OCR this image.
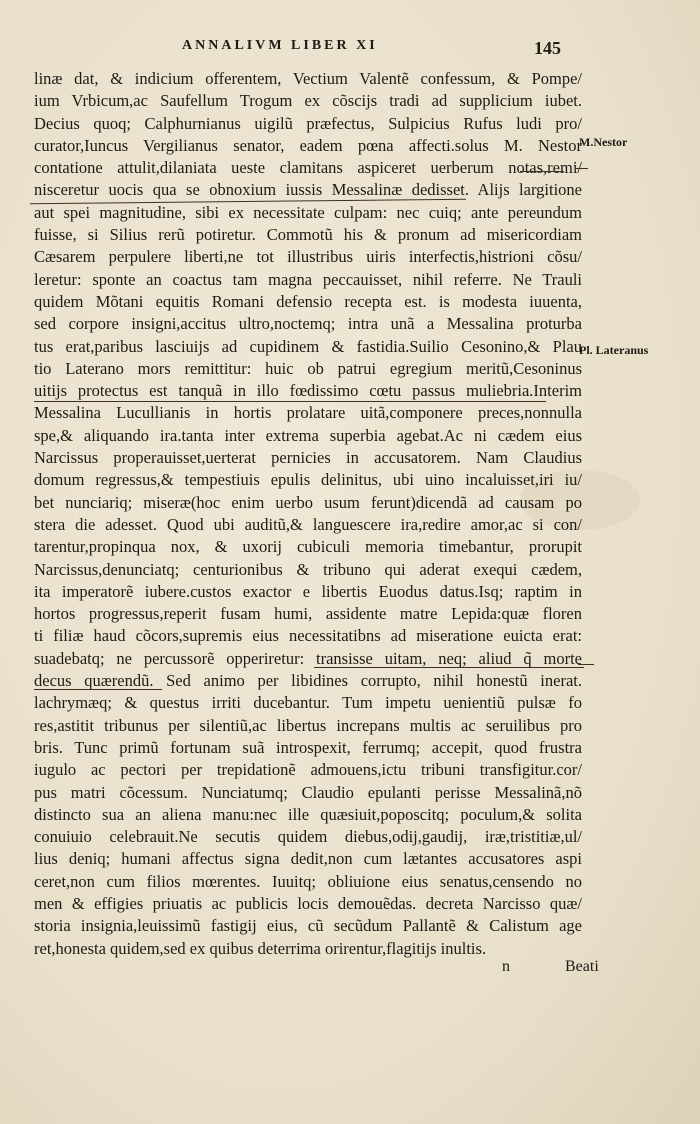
ANNALIVM LIBER XI	145
linæ dat, & indicium offerentem, Vectium Valentẽ confessum, & Pompe/
ium Vrbicum,ac Saufellum Trogum ex cõscijs tradi ad supplicium iubet.
Decius quoq; Calphurnianus uigilũ præfectus, Sulpicius Rufus ludi pro/
curator,Iuncus Vergilianus senator, eadem pœna affecti.solus M. Nestor
contatione attulit,dilaniata ueste clamitans aspiceret uerberum notas,remi/
nisceretur uocis qua se obnoxium iussis Messalinæ dedisset. Alijs largitione
aut spei magnitudine, sibi ex necessitate culpam: nec cuiq; ante pereundum
fuisse, si Silius rerũ potiretur. Commotũ his & pronum ad misericordiam
Cæsarem perpulere liberti,ne tot illustribus uiris interfectis,histrioni cõsu/
leretur: sponte an coactus tam magna peccauisset, nihil referre. Ne Trauli
quidem Mõtani equitis Romani defensio recepta est. is modesta iuuenta,
sed corpore insigni,accitus ultro,noctemq; intra unã a Messalina proturba
tus erat,paribus lasciuijs ad cupidinem & fastidia.Suilio Cesonino,& Plau
tio Laterano mors remittitur: huic ob patrui egregium meritũ,Cesoninus
uitijs protectus est tanquã in illo fœdissimo cœtu passus muliebria.Interim
Messalina Lucullianis in hortis prolatare uitã,componere preces,nonnulla
spe,& aliquando ira.tanta inter extrema superbia agebat.Ac ni cædem eius
Narcissus properauisset,uerterat pernicies in accusatorem. Nam Claudius
domum regressus,& tempestiuis epulis delinitus, ubi uino incaluisset,iri iu/
bet nunciariq; miseræ(hoc enim uerbo usum ferunt)dicendã ad causam po
stera die adesset. Quod ubi auditũ,& languescere ira,redire amor,ac si con/
tarentur,propinqua nox, & uxorij cubiculi memoria timebantur, prorupit
Narcissus,denunciatq; centurionibus & tribuno qui aderat exequi cædem,
ita imperatorẽ iubere.custos exactor e libertis Euodus datus.Isq; raptim in
hortos progressus,reperit fusam humi, assidente matre Lepida:quæ floren
ti filiæ haud cõcors,supremis eius necessitatibns ad miseratione euicta erat:
suadebatq; ne percussorẽ opperiretur: transisse uitam, neq; aliud q̃ morte
decus quærendũ. Sed animo per libidines corrupto, nihil honestũ inerat.
lachrymæq; & questus irriti ducebantur. Tum impetu uenientiũ pulsæ fo
res,astitit tribunus per silentiũ,ac libertus increpans multis ac seruilibus pro
bris. Tunc primũ fortunam suã introspexit, ferrumq; accepit, quod frustra
iugulo ac pectori per trepidationẽ admouens,ictu tribuni transfigitur.cor/
pus matri cõcessum. Nunciatumq; Claudio epulanti perisse Messalinã,nõ
distincto sua an aliena manu:nec ille quæsiuit,poposcitq; poculum,& solita
conuiuio celebrauit.Ne secutis quidem diebus,odij,gaudij, iræ,tristitiæ,ul/
lius deniq; humani affectus signa dedit,non cum lætantes accusatores aspi
ceret,non cum filios mœrentes. Iuuitq; obliuione eius senatus,censendo no
men & effigies priuatis ac publicis locis demouẽdas. decreta Narcisso quæ/
storia insignia,leuissimũ fastigij eius, cũ secũdum Pallantẽ & Calistum age
ret,honesta quidem,sed ex quibus deterrima orirentur,flagitijs inultis.
M.Nestor
Pl. Lateranus
n	Beati
